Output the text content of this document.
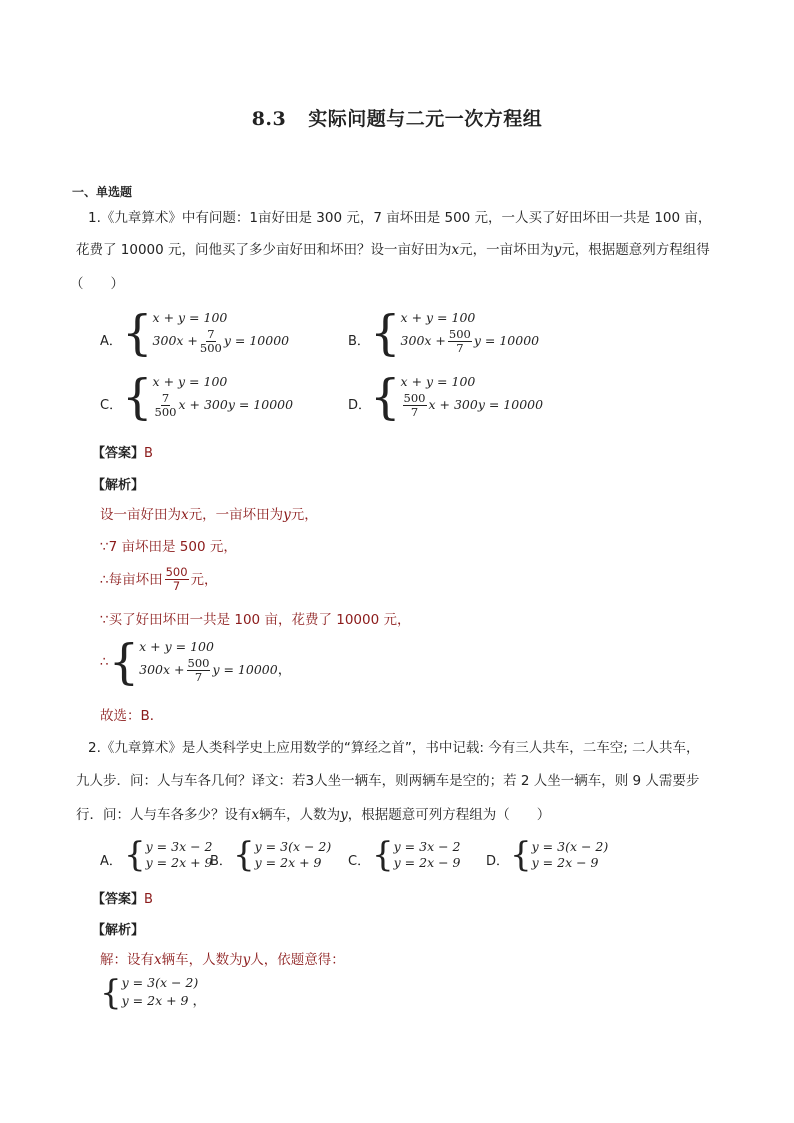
8.3 实际问题与二元一次方程组
一、单选题
1.《九章算术》中有问题：1亩好田是 300 元，7 亩坏田是 500 元，一人买了好田坏田一共是 100 亩，
花费了 10000 元，问他买了多少亩好田和坏田？设一亩好田为x元，一亩坏田为y元，根据题意列方程组得
（　　）
A． { x + y = 100
$300x + \frac{7}{500}$ y = 10000	B． { x + y = 100
$300x + \frac{500}{7}$ y = 10000
C． { x + y = 100
$\frac{7}{500}$ x + 300y = 10000	D．
{ x + y = 100
$\frac{500}{7}$ x + 300y = 10000
【答案】B
【解析】
设一亩好田为x元，一亩坏田为y元，
∵7 亩坏田是 500 元，
∴每亩坏田 $\frac{500}{7}$ 元，
∵买了好田坏田一共是 100 亩，花费了 10000 元，
∴ { x + y = 100
$300x + \frac{500}{7}$ y = 10000 ，
故选：B．
2.《九章算术》是人类科学史上应用数学的“算经之首”，书中记载: 今有三人共车，二车空; 二人共车，
九人步．问：人与车各几何？译文：若3人坐一辆车，则两辆车是空的；若 2 人坐一辆车，则 9 人需要步
行．问：人与车各多少？设有x辆车，人数为y，根据题意可列方程组为（　　）
A． { y = 3x − 2
y = 2x + 9
B． { y = 3(x − 2)
y = 2x + 9	C． { y = 3x − 2
y = 2x − 9 D． { y = 3(x − 2)
y = 2x − 9
【答案】B
【解析】
解：设有x辆车，人数为y人，依题意得：
{ y = 3(x − 2)
y = 2x + 9 ，
